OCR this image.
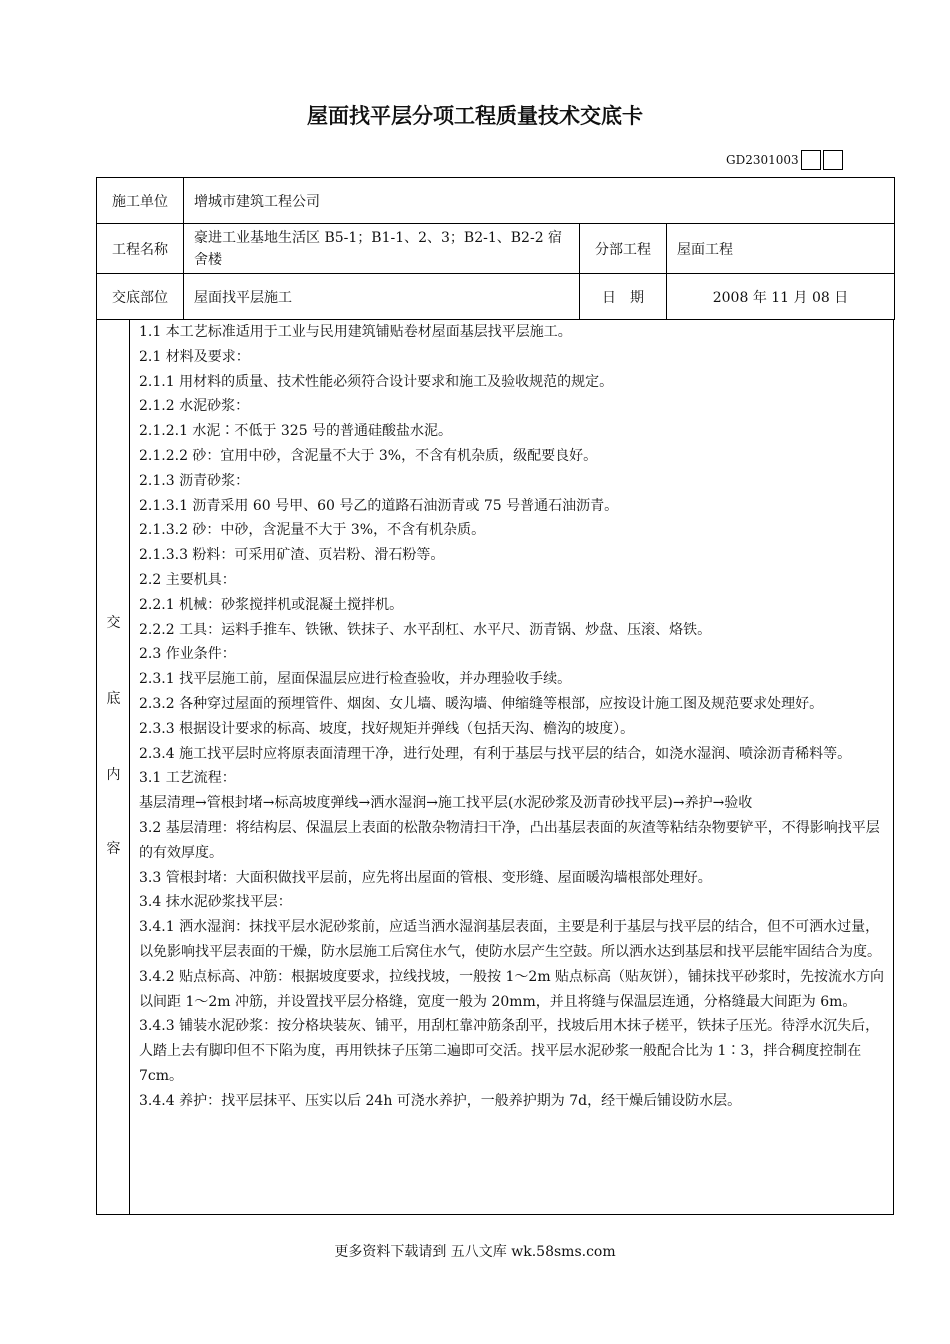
屋面找平层分项工程质量技术交底卡
GD2301003
施工单位	增城市建筑工程公司		
工程名称	豪进工业基地生活区 B5-1；B1-1、2、3；B2-1、B2-2 宿舍楼	分部工程	屋面工程
交底部位	屋面找平层施工	日　期	2008 年 11 月 08 日
交
底
内
容

1.1 本工艺标准适用于工业与民用建筑铺贴卷材屋面基层找平层施工。

2.1 材料及要求：

2.1.1 用材料的质量、技术性能必须符合设计要求和施工及验收规范的规定。

2.1.2 水泥砂浆：

2.1.2.1 水泥∶不低于 325 号的普通硅酸盐水泥。

2.1.2.2 砂：宜用中砂，含泥量不大于 3%，不含有机杂质，级配要良好。

2.1.3 沥青砂浆：

2.1.3.1 沥青采用 60 号甲、60 号乙的道路石油沥青或 75 号普通石油沥青。

2.1.3.2 砂：中砂，含泥量不大于 3%，不含有机杂质。

2.1.3.3 粉料：可采用矿渣、页岩粉、滑石粉等。

2.2 主要机具：

2.2.1 机械：砂浆搅拌机或混凝土搅拌机。

2.2.2 工具：运料手推车、铁锹、铁抹子、水平刮杠、水平尺、沥青锅、炒盘、压滚、烙铁。

2.3 作业条件：

2.3.1 找平层施工前，屋面保温层应进行检查验收，并办理验收手续。

2.3.2 各种穿过屋面的预埋管件、烟囱、女儿墙、暖沟墙、伸缩缝等根部，应按设计施工图及规范要求处理好。

2.3.3 根据设计要求的标高、坡度，找好规矩并弹线（包括天沟、檐沟的坡度）。

2.3.4 施工找平层时应将原表面清理干净，进行处理，有利于基层与找平层的结合，如浇水湿润、喷涂沥青稀料等。

3.1 工艺流程：

基层清理→管根封堵→标高坡度弹线→洒水湿润→施工找平层(水泥砂浆及沥青砂找平层)→养护→验收

3.2 基层清理：将结构层、保温层上表面的松散杂物清扫干净，凸出基层表面的灰渣等粘结杂物要铲平，不得影响找平层的有效厚度。

3.3 管根封堵：大面积做找平层前，应先将出屋面的管根、变形缝、屋面暖沟墙根部处理好。

3.4 抹水泥砂浆找平层：

3.4.1 洒水湿润：抹找平层水泥砂浆前，应适当洒水湿润基层表面，主要是利于基层与找平层的结合，但不可洒水过量，以免影响找平层表面的干燥，防水层施工后窝住水气，使防水层产生空鼓。所以洒水达到基层和找平层能牢固结合为度。

3.4.2 贴点标高、冲筋：根据坡度要求，拉线找坡，一般按 1～2m 贴点标高（贴灰饼），铺抹找平砂浆时，先按流水方向以间距 1～2m 冲筋，并设置找平层分格缝，宽度一般为 20mm，并且将缝与保温层连通，分格缝最大间距为 6m。

3.4.3 铺装水泥砂浆：按分格块装灰、铺平，用刮杠靠冲筋条刮平，找坡后用木抹子槎平，铁抹子压光。待浮水沉失后，人踏上去有脚印但不下陷为度，再用铁抹子压第二遍即可交活。找平层水泥砂浆一般配合比为 1∶3，拌合稠度控制在 7cm。

3.4.4 养护：找平层抹平、压实以后 24h 可浇水养护，一般养护期为 7d，经干燥后铺设防水层。

更多资料下载请到 五八文库 wk.58sms.com
